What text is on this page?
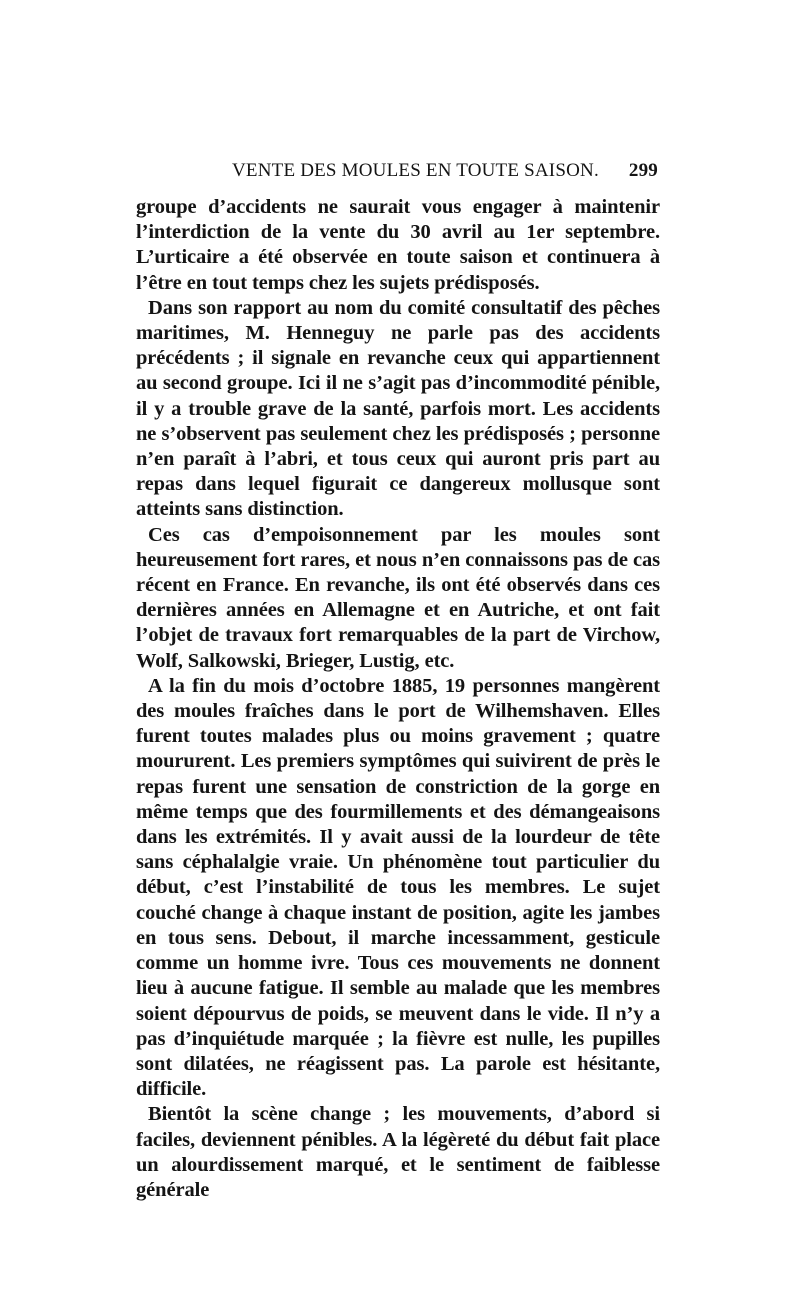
VENTE DES MOULES EN TOUTE SAISON. 299

groupe d’accidents ne saurait vous engager à maintenir l’interdiction de la vente du 30 avril au 1er septembre. L’urticaire a été observée en toute saison et continuera à l’être en tout temps chez les sujets prédisposés.

Dans son rapport au nom du comité consultatif des pêches maritimes, M. Henneguy ne parle pas des accidents précédents ; il signale en revanche ceux qui appartiennent au second groupe. Ici il ne s’agit pas d’incommodité pénible, il y a trouble grave de la santé, parfois mort. Les accidents ne s’observent pas seulement chez les prédisposés ; personne n’en paraît à l’abri, et tous ceux qui auront pris part au repas dans lequel figurait ce dangereux mollusque sont atteints sans distinction.

Ces cas d’empoisonnement par les moules sont heureusement fort rares, et nous n’en connaissons pas de cas récent en France. En revanche, ils ont été observés dans ces dernières années en Allemagne et en Autriche, et ont fait l’objet de travaux fort remarquables de la part de Virchow, Wolf, Salkowski, Brieger, Lustig, etc.

A la fin du mois d’octobre 1885, 19 personnes mangèrent des moules fraîches dans le port de Wilhemshaven. Elles furent toutes malades plus ou moins gravement ; quatre moururent. Les premiers symptômes qui suivirent de près le repas furent une sensation de constriction de la gorge en même temps que des fourmillements et des démangeaisons dans les extrémités. Il y avait aussi de la lourdeur de tête sans céphalalgie vraie. Un phénomène tout particulier du début, c’est l’instabilité de tous les membres. Le sujet couché change à chaque instant de position, agite les jambes en tous sens. Debout, il marche incessamment, gesticule comme un homme ivre. Tous ces mouvements ne donnent lieu à aucune fatigue. Il semble au malade que les membres soient dépourvus de poids, se meuvent dans le vide. Il n’y a pas d’inquiétude marquée ; la fièvre est nulle, les pupilles sont dilatées, ne réagissent pas. La parole est hésitante, difficile.

Bientôt la scène change ; les mouvements, d’abord si faciles, deviennent pénibles. A la légèreté du début fait place un alourdissement marqué, et le sentiment de faiblesse générale
